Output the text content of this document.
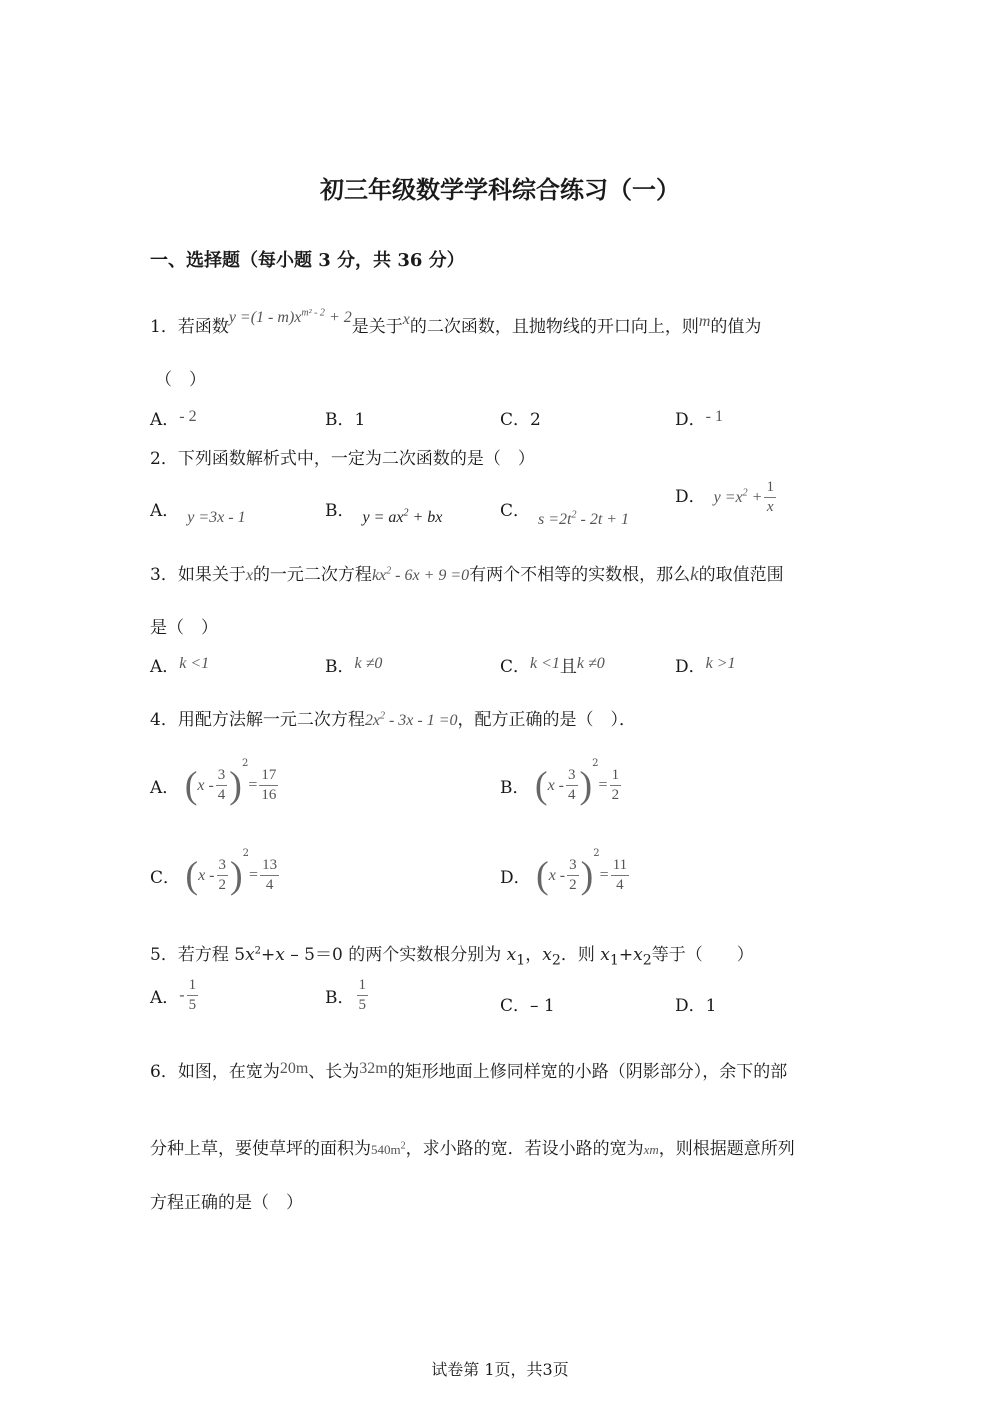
初三年级数学学科综合练习（一）
一、选择题（每小题 3 分，共 36 分）
1．若函数$y =(1 - m)x^{m^2 - 2} + 2$是关于x的二次函数，且抛物线的开口向上，则m的值为
（　）
A．- 2	B．1	C．2	D．- 1
2．下列函数解析式中，一定为二次函数的是（　）
A． y =3x - 1	B． $y = ax^2$ + bx	C． $s =2t^2 - 2t + 1$
D． $y =x^2 + \frac{1}{x}$
3．如果关于x的一元二次方程$kx^2 - 6x + 9 =0$有两个不相等的实数根，那么k的取值范围
是（　）
A．k <1	B．k ≠0	C．k <1且k ≠0	D．k >1
4．用配方法解一元二次方程$2x^2 - 3x - 1 =0$，配方正确的是（　）．
A． $(x - \frac{3}{4} )^2= \frac{17}{16}$	B． $(x - \frac{3}{4} )^2= \frac{1}{2}$
C． $(x - \frac{3}{2} )^2= \frac{13}{4}$	D． $(x - \frac{3}{2} )^2= \frac{11}{4}$
5．若方程 $5x^2+x - 5=0$ 的两个实数根分别为 $x_1$，$x_2$．则 $x_1+x_2$等于（　　）
A．- $\frac{1}{5}$	B． $\frac{1}{5}$	C．– 1	D．1
6．如图，在宽为20m、长为32m的矩形地面上修同样宽的小路（阴影部分），余下的部
分种上草，要使草坪的面积为$540m^2$，求小路的宽．若设小路的宽为xm，则根据题意所列
方程正确的是（　）
试卷第 1页，共3页
